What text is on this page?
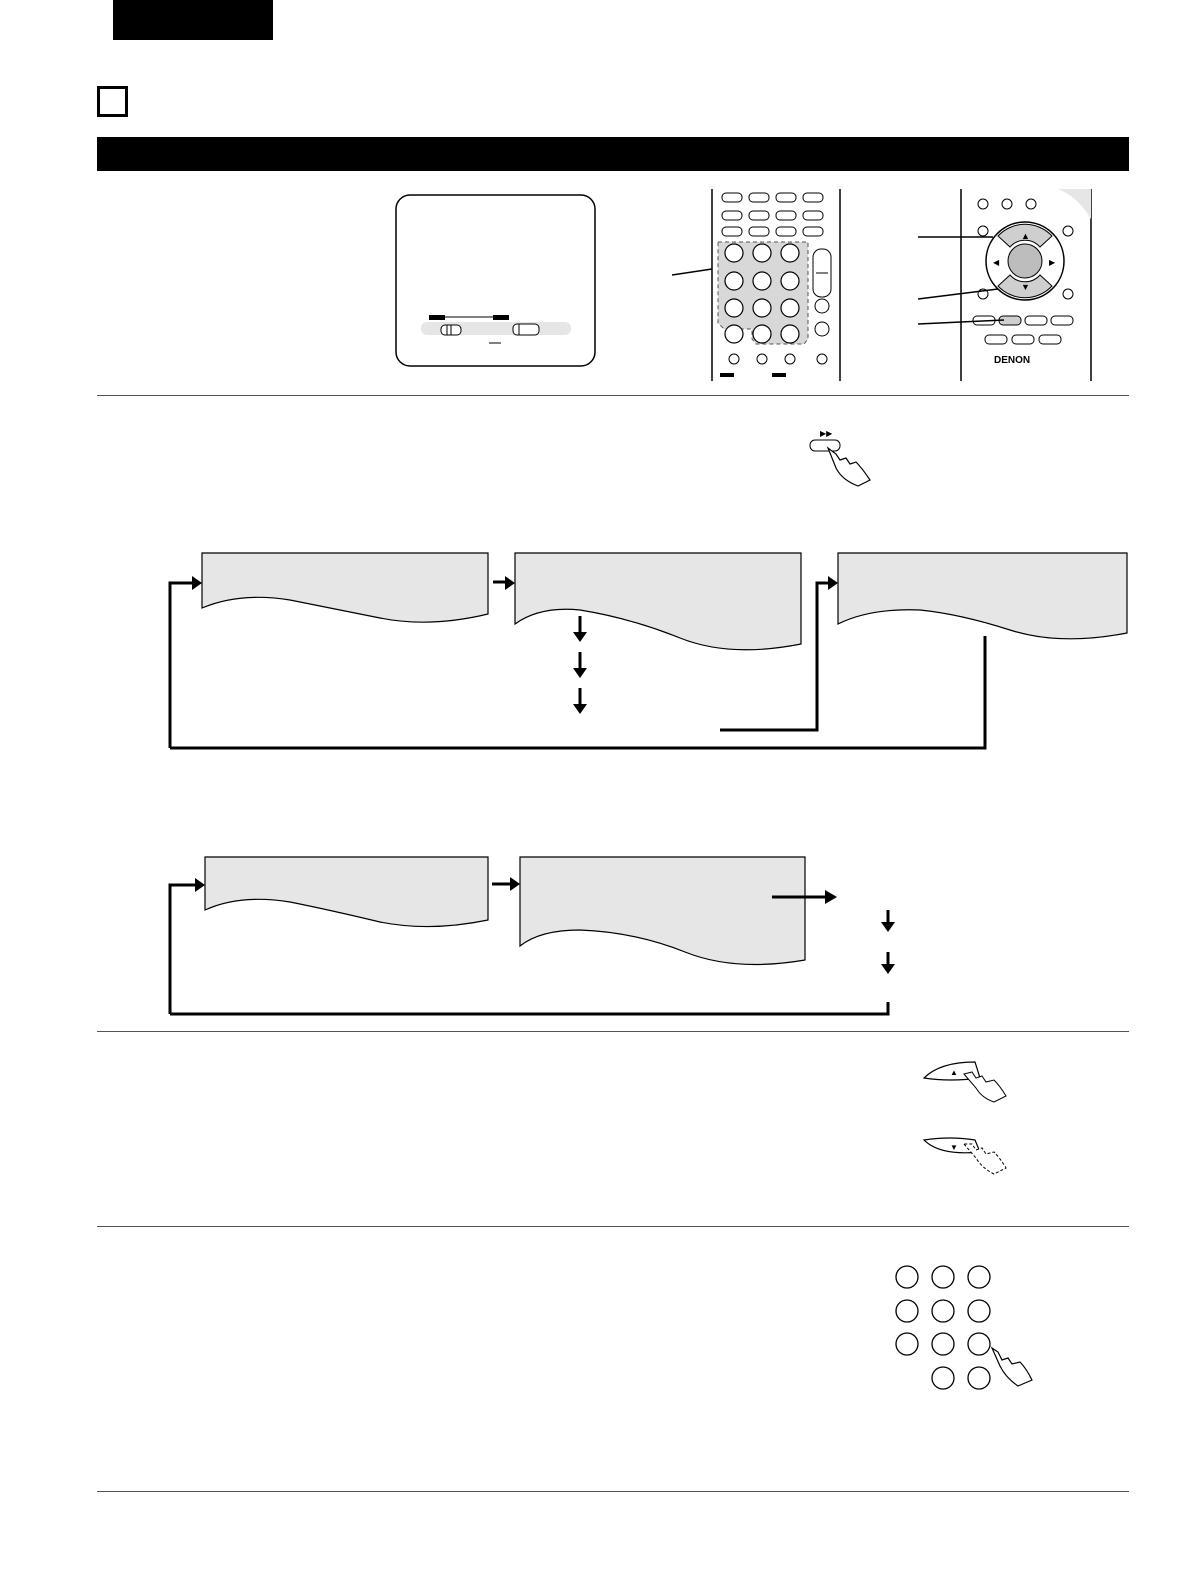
▲
▼
◀	▶
DENON
▶▶
▲
▼
